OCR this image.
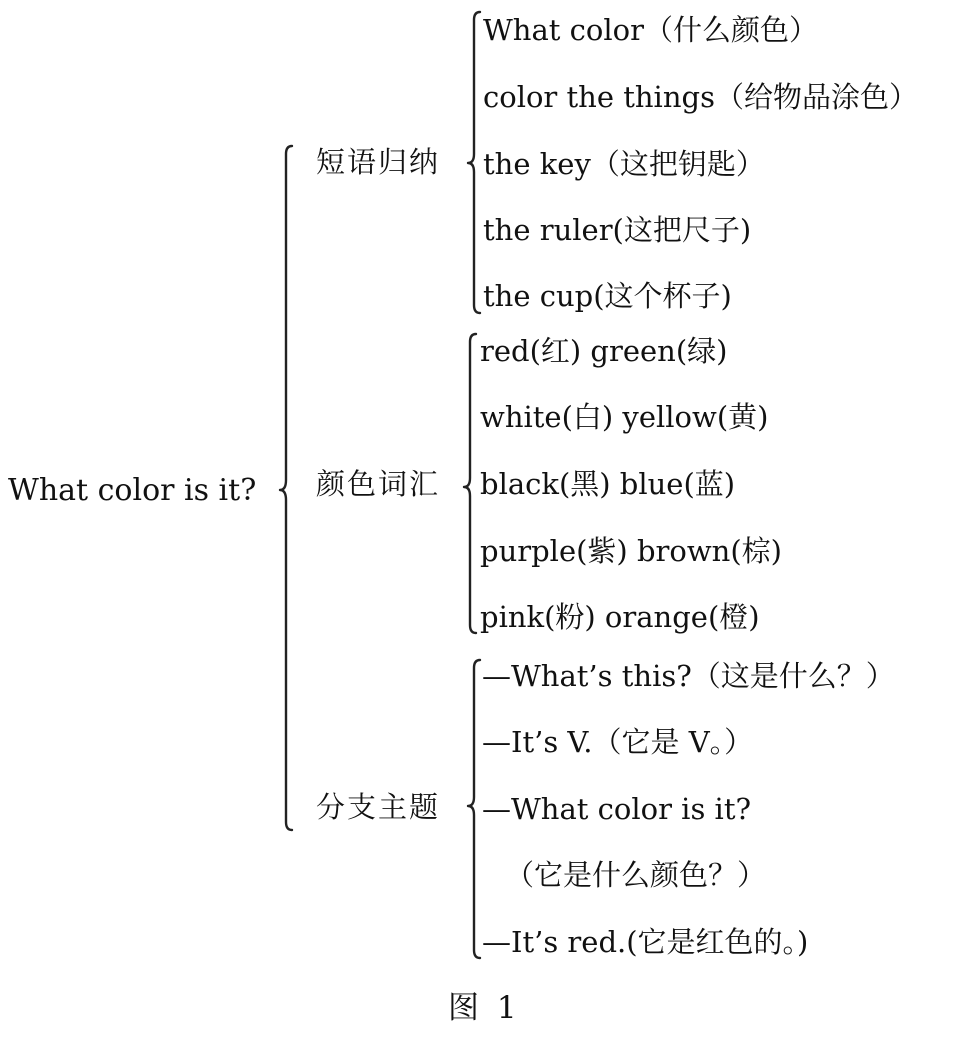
What color is it?
短语归纳
颜色词汇
分支主题
What color（什么颜色）
color the things（给物品涂色）
the key（这把钥匙）
the ruler(这把尺子)
the cup(这个杯子)
red(红) green(绿)
white(白) yellow(黄)
black(黑) blue(蓝)
purple(紫) brown(棕)
pink(粉) orange(橙)
—What’s this?（这是什么？）
—It’s V.（它是 V。）
—What color is it?
（它是什么颜色？）
—It’s red.(它是红色的。)
图 1
